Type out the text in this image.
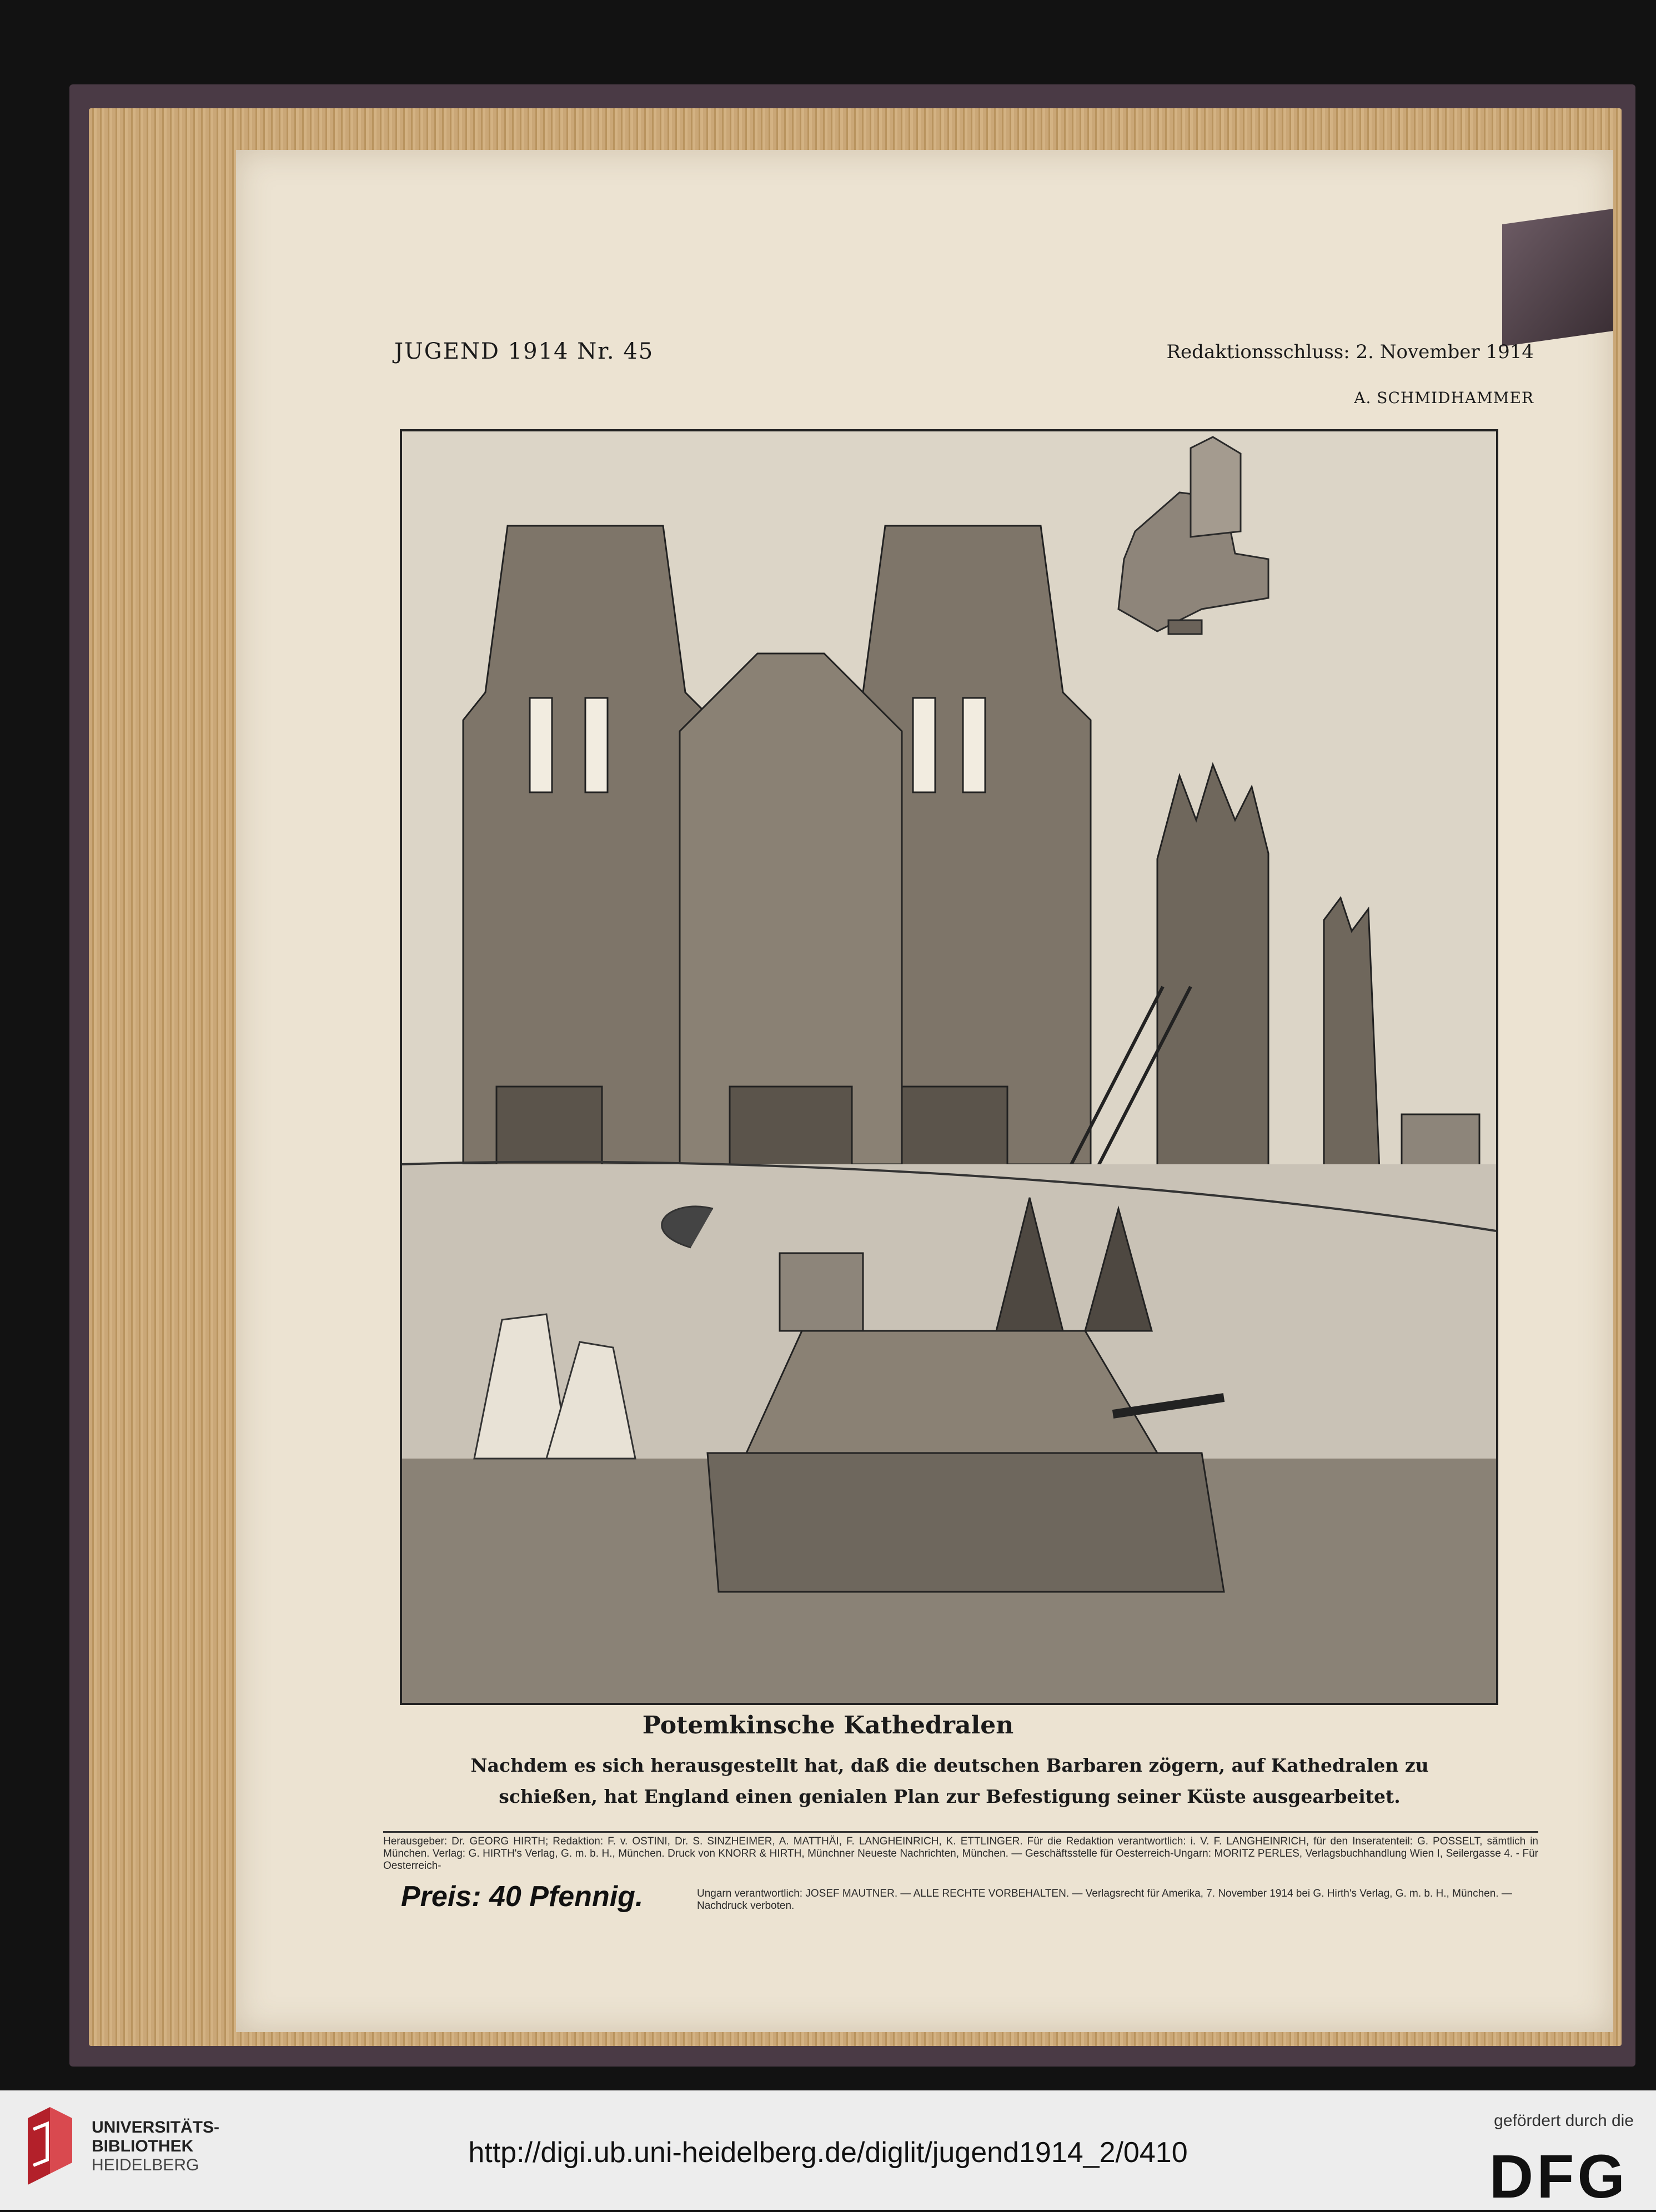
JUGEND 1914 Nr. 45	Redaktionsschluss: 2. November 1914
A. SCHMIDHAMMER
Potemkinsche Kathedralen
Nachdem es sich herausgestellt hat, daß die deutschen Barbaren zögern, auf Kathedralen zu schießen, hat England einen genialen Plan zur Befestigung seiner Küste ausgearbeitet.
Herausgeber: Dr. GEORG HIRTH; Redaktion: F. v. OSTINI, Dr. S. SINZHEIMER, A. MATTHÄI, F. LANGHEINRICH, K. ETTLINGER. Für die Redaktion verantwortlich: i. V. F. LANGHEINRICH, für den Inseratenteil: G. POSSELT, sämtlich in München. Verlag: G. HIRTH's Verlag, G. m. b. H., München. Druck von KNORR & HIRTH, Münchner Neueste Nachrichten, München. — Geschäftsstelle für Oesterreich-Ungarn: MORITZ PERLES, Verlagsbuchhandlung Wien I, Seilergasse 4. - Für Oesterreich-
Preis: 40 Pfennig.	Ungarn verantwortlich: JOSEF MAUTNER. — ALLE RECHTE VORBEHALTEN. — Verlagsrecht für Amerika, 7. November 1914 bei G. Hirth's Verlag, G. m. b. H., München. — Nachdruck verboten.
UNIVERSITÄTS-
BIBLIOTHEK
HEIDELBERG	http://digi.ub.uni-heidelberg.de/diglit/jugend1914_2/0410
gefördert durch die
DFG
